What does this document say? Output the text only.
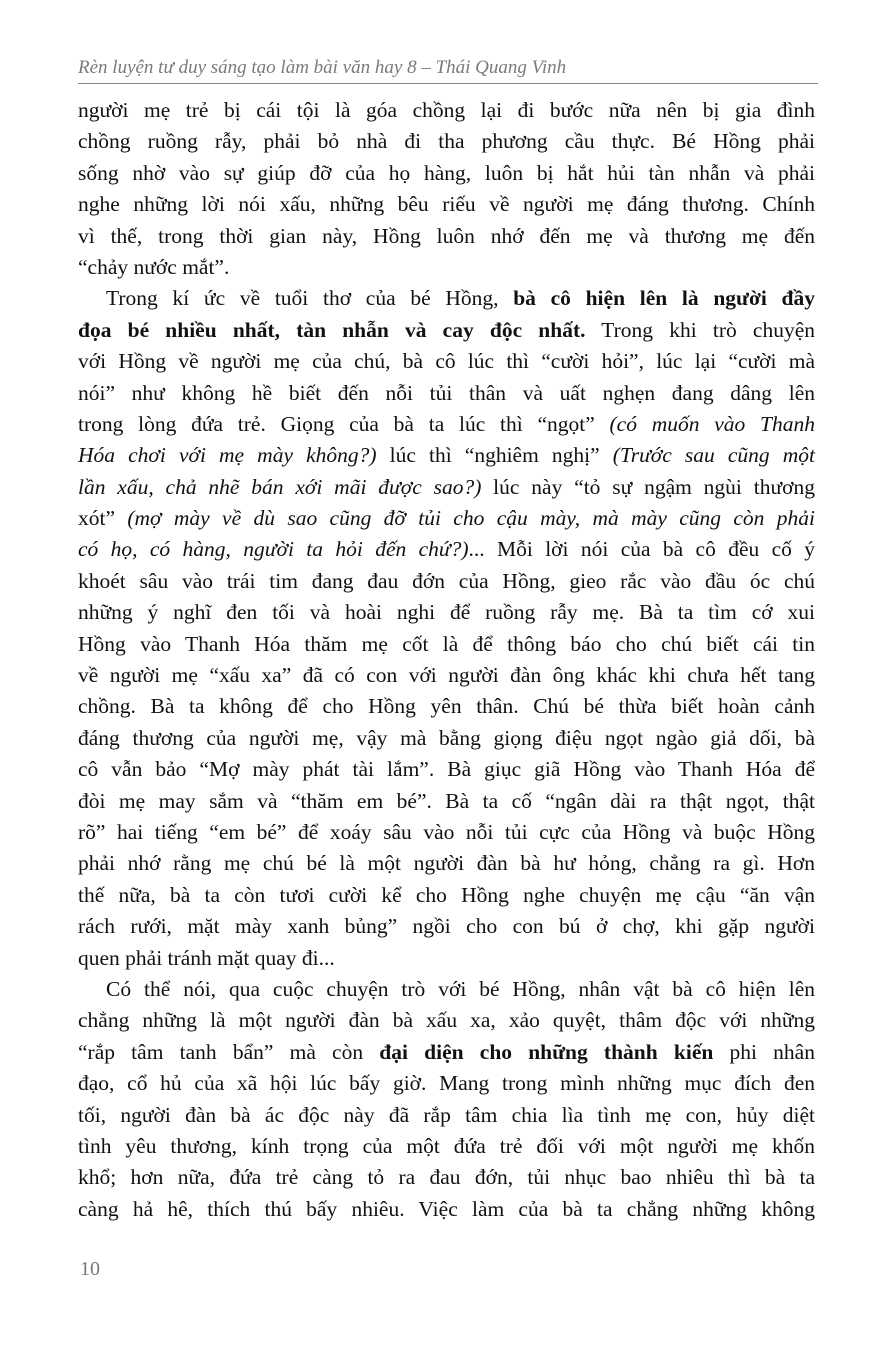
Rèn luyện tư duy sáng tạo làm bài văn hay 8 – Thái Quang Vinh
người mẹ trẻ bị cái tội là góa chồng lại đi bước nữa nên bị gia đình
chồng ruồng rẫy, phải bỏ nhà đi tha phương cầu thực. Bé Hồng phải
sống nhờ vào sự giúp đỡ của họ hàng, luôn bị hắt hủi tàn nhẫn và phải
nghe những lời nói xấu, những bêu riếu về người mẹ đáng thương. Chính
vì thế, trong thời gian này, Hồng luôn nhớ đến mẹ và thương mẹ đến
“chảy nước mắt”.
Trong kí ức về tuổi thơ của bé Hồng, bà cô hiện lên là người đầy
đọa bé nhiều nhất, tàn nhẫn và cay độc nhất. Trong khi trò chuyện
với Hồng về người mẹ của chú, bà cô lúc thì “cười hỏi”, lúc lại “cười mà
nói” như không hề biết đến nỗi tủi thân và uất nghẹn đang dâng lên
trong lòng đứa trẻ. Giọng của bà ta lúc thì “ngọt” (có muốn vào Thanh
Hóa chơi với mẹ mày không?) lúc thì “nghiêm nghị” (Trước sau cũng một
lần xấu, chả nhẽ bán xới mãi được sao?) lúc này “tỏ sự ngậm ngùi thương
xót” (mợ mày về dù sao cũng đỡ tủi cho cậu mày, mà mày cũng còn phải
có họ, có hàng, người ta hỏi đến chứ?)... Mỗi lời nói của bà cô đều cố ý
khoét sâu vào trái tim đang đau đớn của Hồng, gieo rắc vào đầu óc chú
những ý nghĩ đen tối và hoài nghi để ruồng rẫy mẹ. Bà ta tìm cớ xui
Hồng vào Thanh Hóa thăm mẹ cốt là để thông báo cho chú biết cái tin
về người mẹ “xấu xa” đã có con với người đàn ông khác khi chưa hết tang
chồng. Bà ta không để cho Hồng yên thân. Chú bé thừa biết hoàn cảnh
đáng thương của người mẹ, vậy mà bằng giọng điệu ngọt ngào giả dối, bà
cô vẫn bảo “Mợ mày phát tài lắm”. Bà giục giã Hồng vào Thanh Hóa để
đòi mẹ may sắm và “thăm em bé”. Bà ta cố “ngân dài ra thật ngọt, thật
rõ” hai tiếng “em bé” để xoáy sâu vào nỗi tủi cực của Hồng và buộc Hồng
phải nhớ rằng mẹ chú bé là một người đàn bà hư hỏng, chẳng ra gì. Hơn
thế nữa, bà ta còn tươi cười kể cho Hồng nghe chuyện mẹ cậu “ăn vận
rách rưới, mặt mày xanh bủng” ngồi cho con bú ở chợ, khi gặp người
quen phải tránh mặt quay đi...
Có thể nói, qua cuộc chuyện trò với bé Hồng, nhân vật bà cô hiện lên
chẳng những là một người đàn bà xấu xa, xảo quyệt, thâm độc với những
“rắp tâm tanh bẩn” mà còn đại diện cho những thành kiến phi nhân
đạo, cổ hủ của xã hội lúc bấy giờ. Mang trong mình những mục đích đen
tối, người đàn bà ác độc này đã rắp tâm chia lìa tình mẹ con, hủy diệt
tình yêu thương, kính trọng của một đứa trẻ đối với một người mẹ khốn
khổ; hơn nữa, đứa trẻ càng tỏ ra đau đớn, tủi nhục bao nhiêu thì bà ta
càng hả hê, thích thú bấy nhiêu. Việc làm của bà ta chẳng những không
10
